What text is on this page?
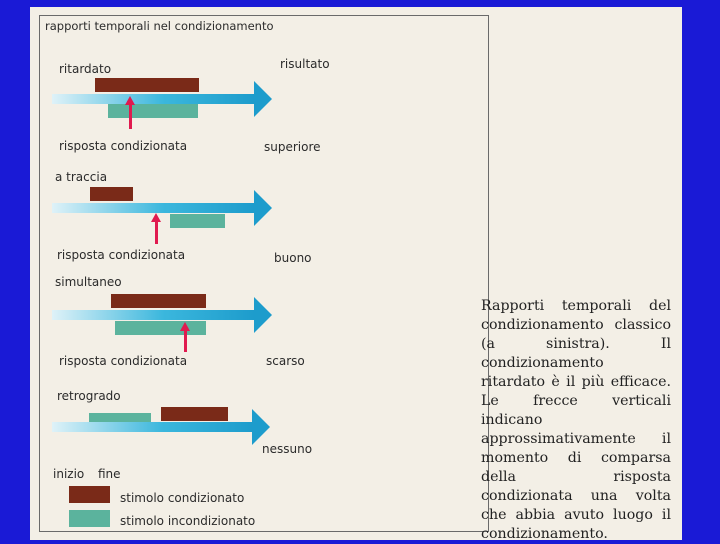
rapporti temporali nel condizionamento
risultato
ritardato
risposta condizionata	superiore
a traccia
risposta condizionata	buono
simultaneo
risposta condizionata	scarso
retrogrado
nessuno
inizio fine
stimolo condizionato
stimolo incondizionato
Rapporti temporali del condizionamento classico (a sinistra). Il condizionamento ritardato è il più efficace. Le frecce verticali indicano approssimativamente il momento di comparsa della risposta condizionata una volta che abbia avuto luogo il condizionamento.
